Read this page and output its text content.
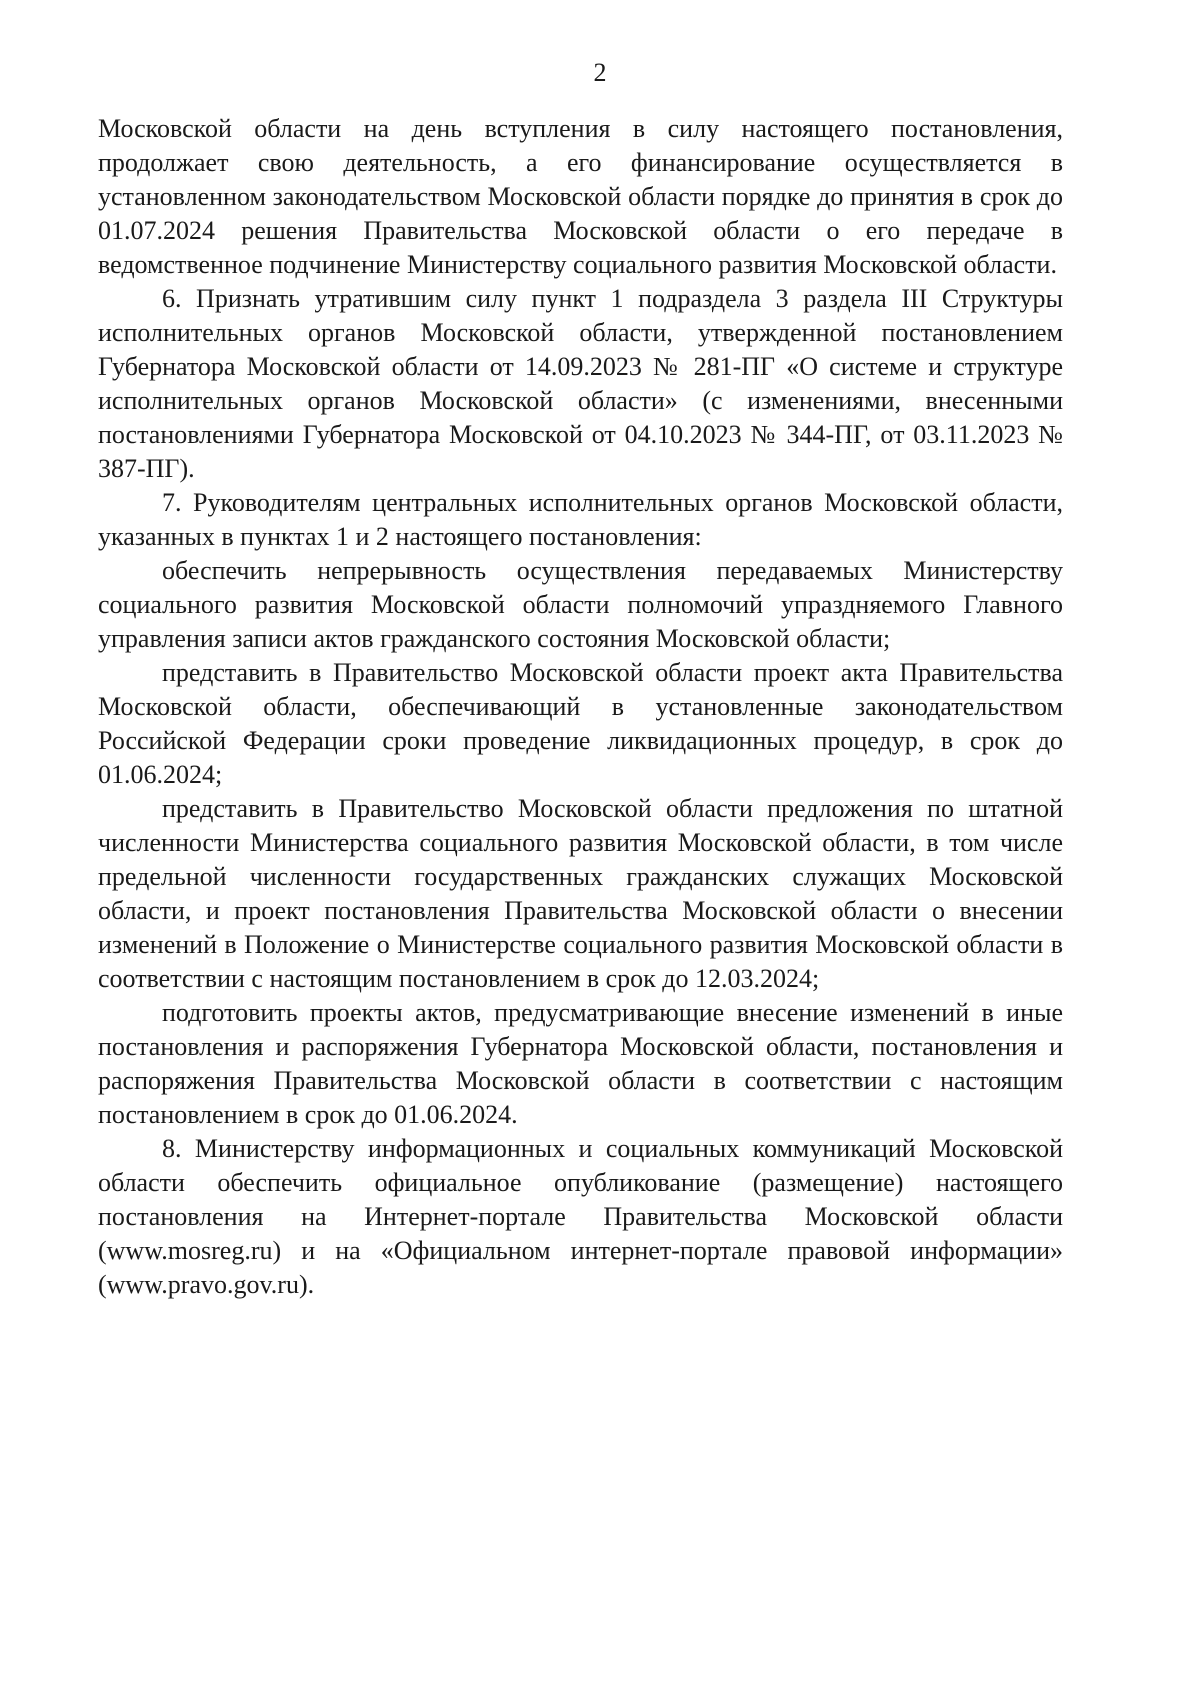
2

Московской области на день вступления в силу настоящего постановления, продолжает свою деятельность, а его финансирование осуществляется в установленном законодательством Московской области порядке до принятия в срок до 01.07.2024 решения Правительства Московской области о его передаче в ведомственное подчинение Министерству социального развития Московской области.

6. Признать утратившим силу пункт 1 подраздела 3 раздела III Структуры исполнительных органов Московской области, утвержденной постановлением Губернатора Московской области от 14.09.2023 № 281-ПГ «О системе и структуре исполнительных органов Московской области» (с изменениями, внесенными постановлениями Губернатора Московской от 04.10.2023 № 344-ПГ, от 03.11.2023 № 387-ПГ).

7. Руководителям центральных исполнительных органов Московской области, указанных в пунктах 1 и 2 настоящего постановления:

обеспечить непрерывность осуществления передаваемых Министерству социального развития Московской области полномочий упраздняемого Главного управления записи актов гражданского состояния Московской области;

представить в Правительство Московской области проект акта Правительства Московской области, обеспечивающий в установленные законодательством Российской Федерации сроки проведение ликвидационных процедур, в срок до 01.06.2024;

представить в Правительство Московской области предложения по штатной численности Министерства социального развития Московской области, в том числе предельной численности государственных гражданских служащих Московской области, и проект постановления Правительства Московской области о внесении изменений в Положение о Министерстве социального развития Московской области в соответствии с настоящим постановлением в срок до 12.03.2024;

подготовить проекты актов, предусматривающие внесение изменений в иные постановления и распоряжения Губернатора Московской области, постановления и распоряжения Правительства Московской области в соответствии с настоящим постановлением в срок до 01.06.2024.

8. Министерству информационных и социальных коммуникаций Московской области обеспечить официальное опубликование (размещение) настоящего постановления на Интернет-портале Правительства Московской области (www.mosreg.ru) и на «Официальном интернет-портале правовой информации» (www.pravo.gov.ru).
